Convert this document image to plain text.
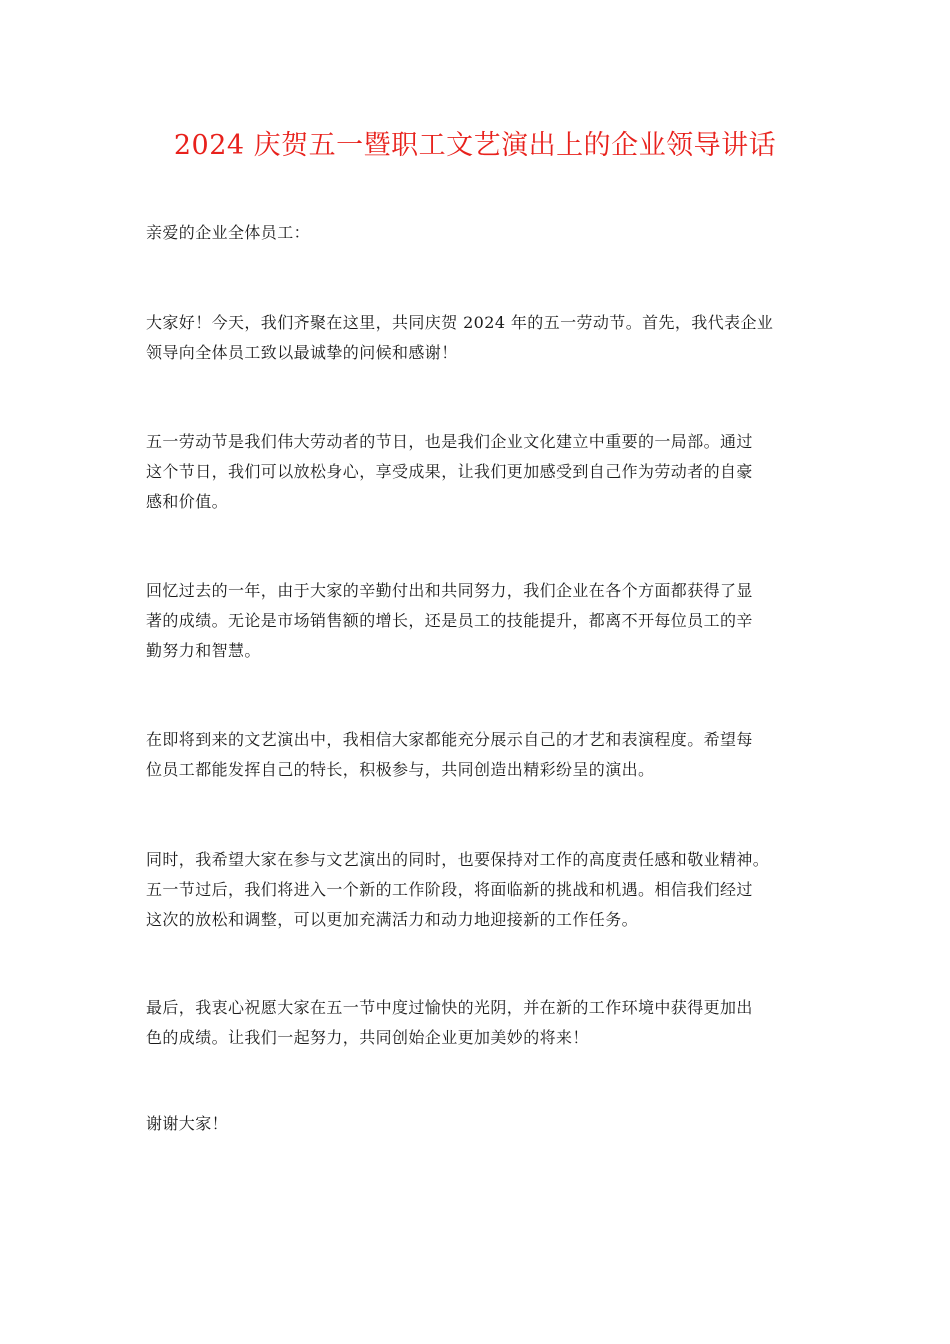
2024 庆贺五一暨职工文艺演出上的企业领导讲话

亲爱的企业全体员工：

大家好！今天，我们齐聚在这里，共同庆贺 2024 年的五一劳动节。首先，我代表企业
领导向全体员工致以最诚挚的问候和感谢！

五一劳动节是我们伟大劳动者的节日，也是我们企业文化建立中重要的一局部。通过
这个节日，我们可以放松身心，享受成果，让我们更加感受到自己作为劳动者的自豪
感和价值。

回忆过去的一年，由于大家的辛勤付出和共同努力，我们企业在各个方面都获得了显
著的成绩。无论是市场销售额的增长，还是员工的技能提升，都离不开每位员工的辛
勤努力和智慧。

在即将到来的文艺演出中，我相信大家都能充分展示自己的才艺和表演程度。希望每
位员工都能发挥自己的特长，积极参与，共同创造出精彩纷呈的演出。

同时，我希望大家在参与文艺演出的同时，也要保持对工作的高度责任感和敬业精神。
五一节过后，我们将进入一个新的工作阶段，将面临新的挑战和机遇。相信我们经过
这次的放松和调整，可以更加充满活力和动力地迎接新的工作任务。

最后，我衷心祝愿大家在五一节中度过愉快的光阴，并在新的工作环境中获得更加出
色的成绩。让我们一起努力，共同创始企业更加美妙的将来！

谢谢大家！
